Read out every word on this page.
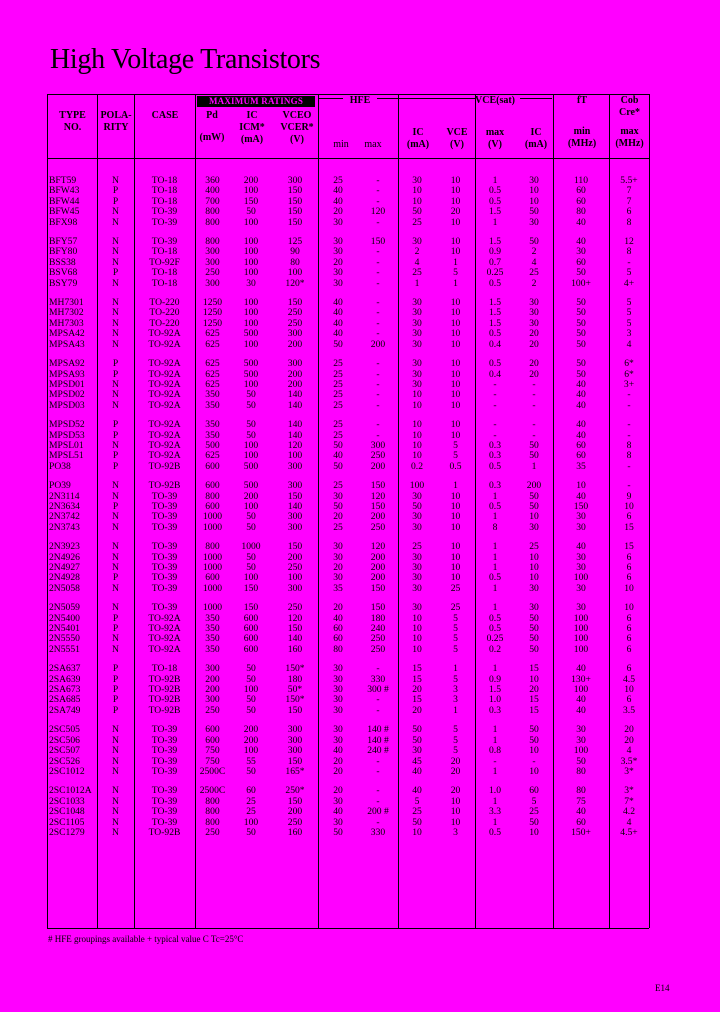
High Voltage Transistors
TYPE
NO.
POLA-
RITY
CASE
MAXIMUM RATINGS
Pd
(mW)
IC
ICM*
(mA)
VCEO
VCER*
(V)
HFE
min	max
IC
(mA)
VCE
(V)
VCE(sat)
max
(V)
IC
(mA)
fT
min
(MHz)
Cob
Cre*
max
(MHz)
BFT59	N	TO-18	360	200	300	25	-	30	10	1	30	110	5.5+
BFW43	P	TO-18	400	100	150	40	-	10	10	0.5	10	60	7
BFW44	P	TO-18	700	150	150	40	-	10	10	0.5	10	60	7
BFW45	N	TO-39	800	50	150	20	120	50	20	1.5	50	80	6
BFX98	N	TO-39	800	100	150	30	-	25	10	1	30	40	8

BFY57	N	TO-39	800	100	125	30	150	30	10	1.5	50	40	12
BFY80	N	TO-18	300	100	90	30	-	2	10	0.9	2	30	8
BSS38	N	TO-92F	300	100	80	20	-	4	1	0.7	4	60	-
BSV68	P	TO-18	250	100	100	30	-	25	5	0.25	25	50	5
BSY79	N	TO-18	300	30	120*	30	-	1	1	0.5	2	100+	4+

MH7301	N	TO-220	1250	100	150	40	-	30	10	1.5	30	50	5
MH7302	N	TO-220	1250	100	250	40	-	30	10	1.5	30	50	5
MH7303	N	TO-220	1250	100	250	40	-	30	10	1.5	30	50	5
MPSA42	N	TO-92A	625	500	300	40	-	30	10	0.5	20	50	3
MPSA43	N	TO-92A	625	100	200	50	200	30	10	0.4	20	50	4

MPSA92	P	TO-92A	625	500	300	25	-	30	10	0.5	20	50	6*
MPSA93	P	TO-92A	625	500	200	25	-	30	10	0.4	20	50	6*
MPSD01	N	TO-92A	625	100	200	25	-	30	10	-	-	40	3+
MPSD02	N	TO-92A	350	50	140	25	-	10	10	-	-	40	-
MPSD03	N	TO-92A	350	50	140	25	-	10	10	-	-	40	-

MPSD52	P	TO-92A	350	50	140	25	-	10	10	-	-	40	-
MPSD53	P	TO-92A	350	50	140	25	-	10	10	-	-	40	-
MPSL01	N	TO-92A	500	100	120	50	300	10	5	0.3	50	60	8
MPSL51	P	TO-92A	625	100	100	40	250	10	5	0.3	50	60	8
PO38	P	TO-92B	600	500	300	50	200	0.2	0.5	0.5	1	35	-

PO39	N	TO-92B	600	500	300	25	150	100	1	0.3	200	10	-
2N3114	N	TO-39	800	200	150	30	120	30	10	1	50	40	9
2N3634	P	TO-39	600	100	140	50	150	50	10	0.5	50	150	10
2N3742	N	TO-39	1000	50	300	20	200	30	10	1	10	30	6
2N3743	N	TO-39	1000	50	300	25	250	30	10	8	30	30	15

2N3923	N	TO-39	800	1000	150	30	120	25	10	1	25	40	15
2N4926	N	TO-39	1000	50	200	30	200	30	10	1	10	30	6
2N4927	N	TO-39	1000	50	250	20	200	30	10	1	10	30	6
2N4928	P	TO-39	600	100	100	30	200	30	10	0.5	10	100	6
2N5058	N	TO-39	1000	150	300	35	150	30	25	1	30	30	10

2N5059	N	TO-39	1000	150	250	20	150	30	25	1	30	30	10
2N5400	P	TO-92A	350	600	120	40	180	10	5	0.5	50	100	6
2N5401	P	TO-92A	350	600	150	60	240	10	5	0.5	50	100	6
2N5550	N	TO-92A	350	600	140	60	250	10	5	0.25	50	100	6
2N5551	N	TO-92A	350	600	160	80	250	10	5	0.2	50	100	6

2SA637	P	TO-18	300	50	150*	30	-	15	1	1	15	40	6
2SA639	P	TO-92B	200	50	180	30	330	15	5	0.9	10	130+	4.5
2SA673	P	TO-92B	200	100	50*	30	300 #	20	3	1.5	20	100	10
2SA685	P	TO-92B	300	50	150*	30	-	15	3	1.0	15	40	6
2SA749	P	TO-92B	250	50	150	30	-	20	1	0.3	15	40	3.5

2SC505	N	TO-39	600	200	300	30	140 #	50	5	1	50	30	20
2SC506	N	TO-39	600	200	300	30	140 #	50	5	1	50	30	20
2SC507	N	TO-39	750	100	300	40	240 #	30	5	0.8	10	100	4
2SC526	N	TO-39	750	55	150	20	-	45	20	-	-	50	3.5*
2SC1012	N	TO-39	2500C	50	165*	20	-	40	20	1	10	80	3*

2SC1012A	N	TO-39	2500C	60	250*	20	-	40	20	1.0	60	80	3*
2SC1033	N	TO-39	800	25	150	30	-	5	10	1	5	75	7*
2SC1048	N	TO-39	800	25	200	40	200 #	25	10	3.3	25	40	4.2
2SC1105	N	TO-39	800	100	250	30	-	50	10	1	50	60	4
2SC1279	N	TO-92B	250	50	160	50	330	10	3	0.5	10	150+	4.5+
# HFE groupings available + typical value C Tc=25°C
E14
